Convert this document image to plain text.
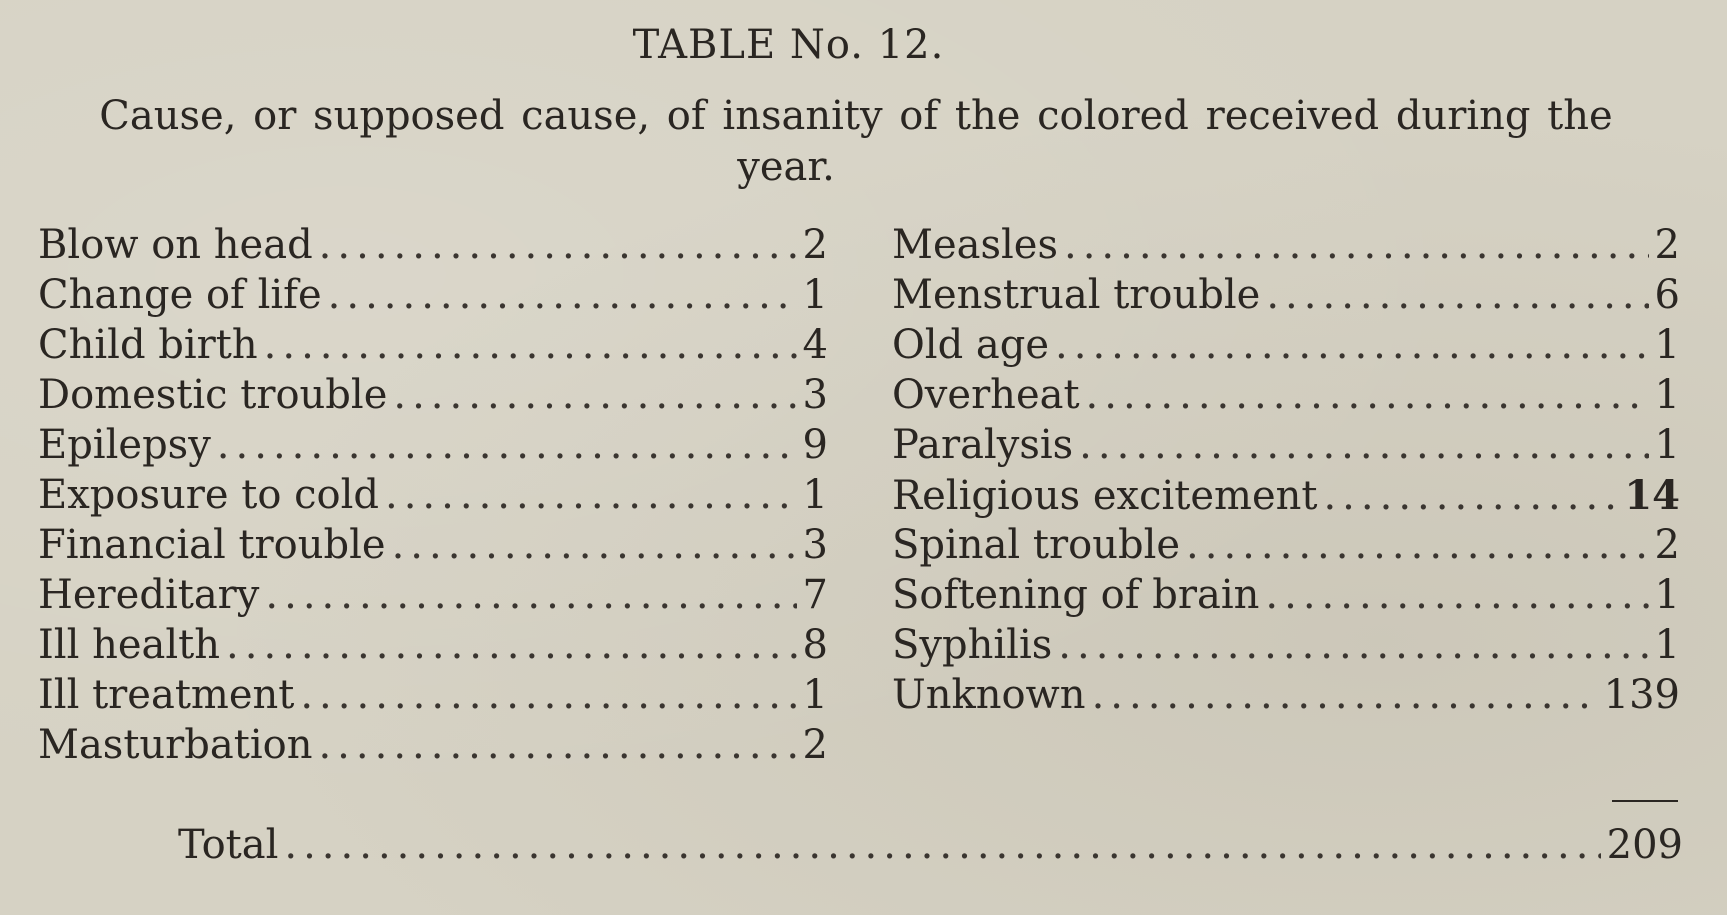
TABLE No. 12.
Cause, or supposed cause, of insanity of the colored received during the
year.
Blow on head .....	2
Change of life .....	1
Child birth .....	4
Domestic trouble .....	3
Epilepsy .....	9
Exposure to cold .....	1
Financial trouble .....	3
Hereditary .....	7
Ill health .....	8
Ill treatment .....	1
Masturbation .....	2
Measles .....	2
Menstrual trouble .....	6
Old age .....	1
Overheat .....	1
Paralysis .....	1
Religious excitement .....	14
Spinal trouble .....	2
Softening of brain .....	1
Syphilis .....	1
Unknown .....	139
Total .....	209
